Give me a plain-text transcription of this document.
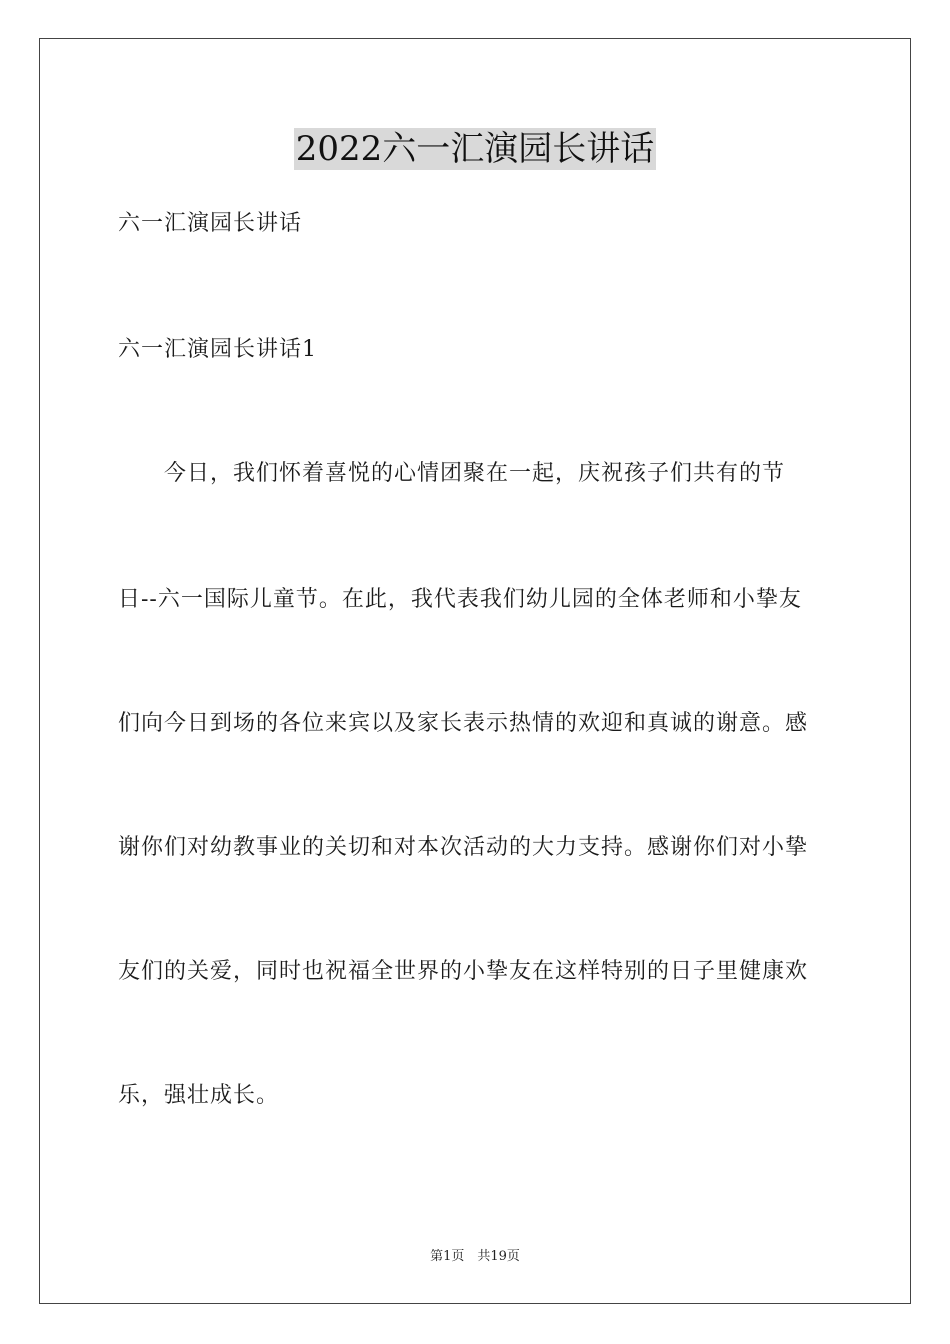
2022六一汇演园长讲话
六一汇演园长讲话
六一汇演园长讲话1
　　今日，我们怀着喜悦的心情团聚在一起，庆祝孩子们共有的节
日--六一国际儿童节。在此，我代表我们幼儿园的全体老师和小挚友
们向今日到场的各位来宾以及家长表示热情的欢迎和真诚的谢意。感
谢你们对幼教事业的关切和对本次活动的大力支持。感谢你们对小挚
友们的关爱，同时也祝福全世界的小挚友在这样特别的日子里健康欢
乐，强壮成长。
第1页　共19页
